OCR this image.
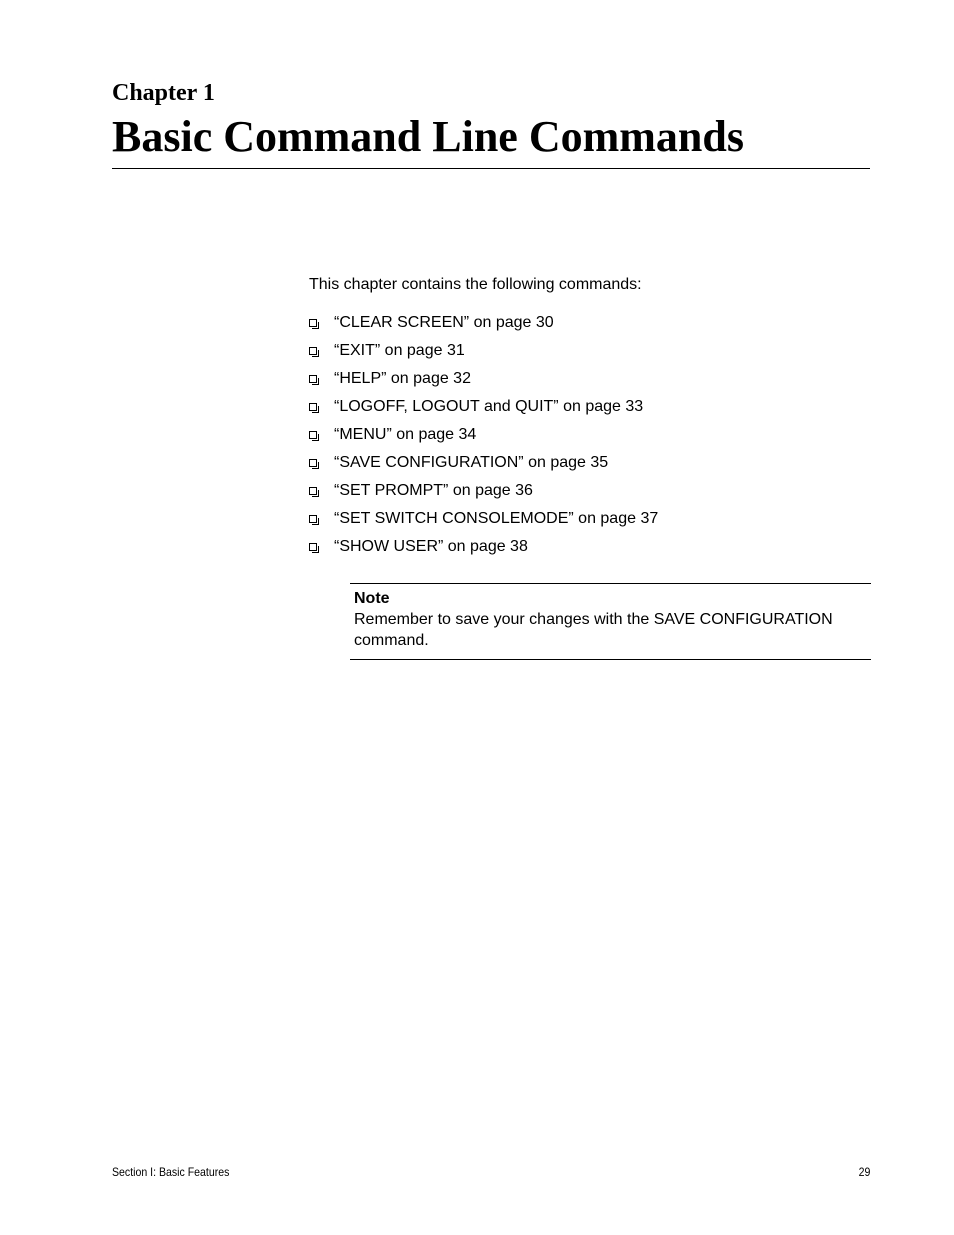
Chapter 1
Basic Command Line Commands

This chapter contains the following commands:

“CLEAR SCREEN” on page 30
“EXIT” on page 31
“HELP” on page 32
“LOGOFF, LOGOUT and QUIT” on page 33
“MENU” on page 34
“SAVE CONFIGURATION” on page 35
“SET PROMPT” on page 36
“SET SWITCH CONSOLEMODE” on page 37
“SHOW USER” on page 38
Note
Remember to save your changes with the SAVE CONFIGURATION command.
Section I: Basic Features	29
